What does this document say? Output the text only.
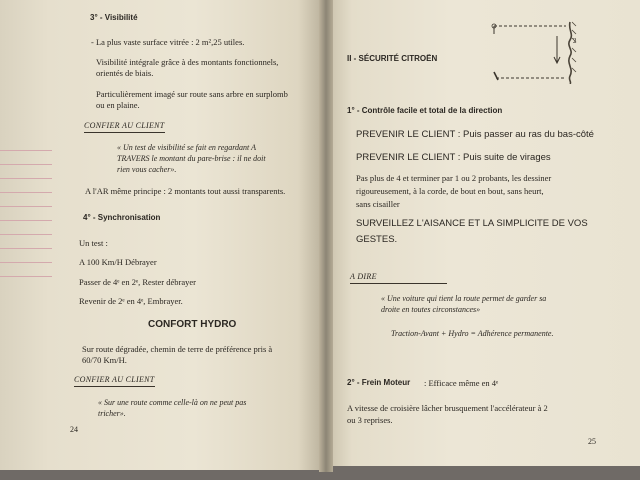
3° - Visibilité
- La plus vaste surface vitrée : 2 m²,25 utiles.
Visibilité intégrale grâce à des montants fonctionnels,
orientés de biais.
Particulièrement imagé sur route sans arbre en surplomb
ou en plaine.
CONFIER AU CLIENT
« Un test de visibilité se fait en regardant A
TRAVERS le montant du pare-brise : il ne doit
rien vous cacher».
A l'AR même principe : 2 montants tout aussi transparents.
4° - Synchronisation
Un test :
A 100 Km/H Débrayer
Passer de 4ᵉ en 2ᵉ, Rester débrayer
Revenir de 2ᵉ en 4ᵉ, Embrayer.
CONFORT HYDRO
Sur route dégradée, chemin de terre de préférence pris à
60/70 Km/H.
CONFIER AU CLIENT
« Sur une route comme celle-là on ne peut pas
tricher».
24
II - SÉCURITÉ CITROËN
2
1° - Contrôle facile et total de la direction
PREVENIR LE CLIENT : Puis passer au ras du bas-côté
PREVENIR LE CLIENT : Puis suite de virages
Pas plus de 4 et terminer par 1 ou 2 probants, les dessiner
rigoureusement, à la corde, de bout en bout, sans heurt,
sans cisailler
SURVEILLEZ L'AISANCE ET LA SIMPLICITE DE VOS
GESTES.
A DIRE
« Une voiture qui tient la route permet de garder sa
droite en toutes circonstances»
Traction-Avant + Hydro = Adhérence permanente.
2° - Frein Moteur : Efficace même en 4ᵉ
A vitesse de croisière lâcher brusquement l'accélérateur à 2
ou 3 reprises.
25
